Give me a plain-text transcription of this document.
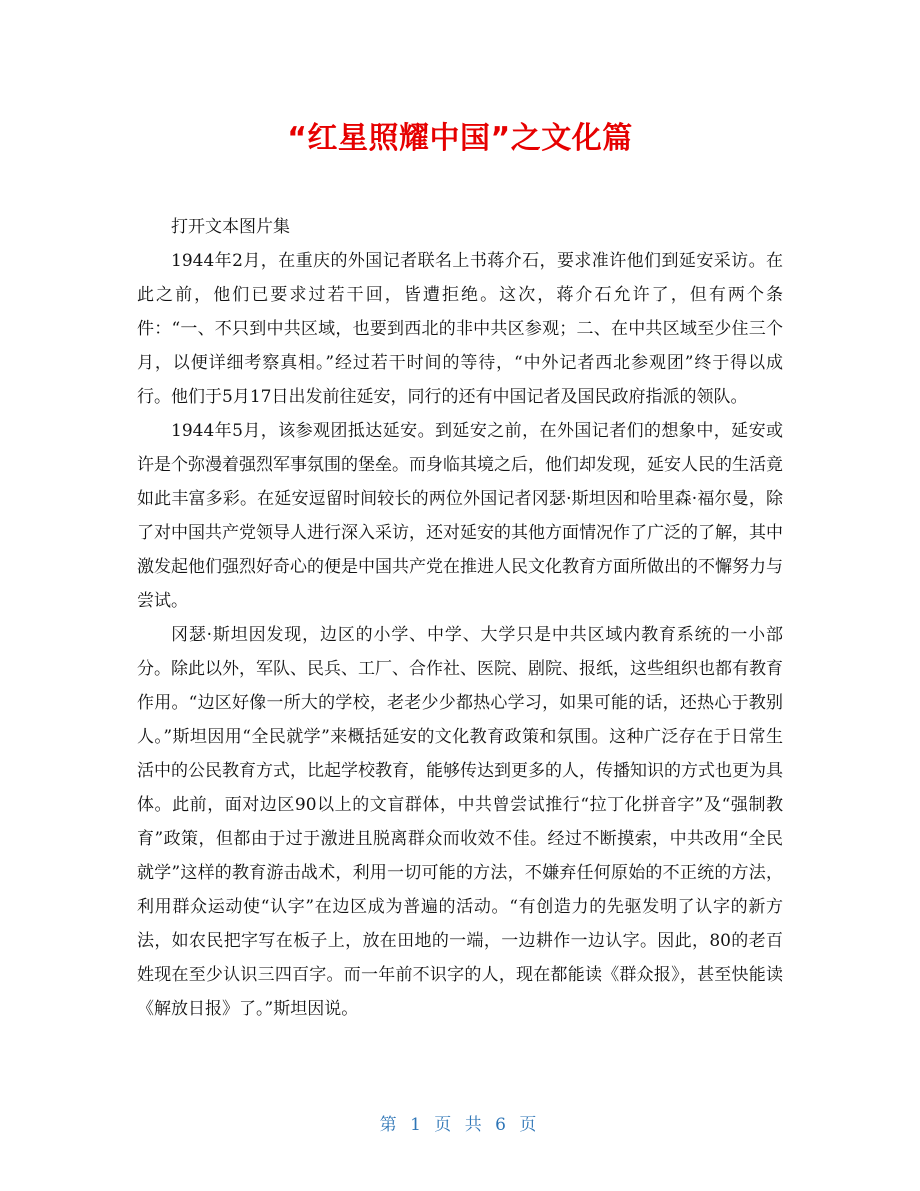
“红星照耀中国”之文化篇

打开文本图片集

1944年2月，在重庆的外国记者联名上书蒋介石，要求准许他们到延安采访。在此之前，他们已要求过若干回，皆遭拒绝。这次，蒋介石允许了，但有两个条件：“一、不只到中共区域，也要到西北的非中共区参观；二、在中共区域至少住三个月，以便详细考察真相。”经过若干时间的等待，“中外记者西北参观团”终于得以成行。他们于5月17日出发前往延安，同行的还有中国记者及国民政府指派的领队。

1944年5月，该参观团抵达延安。到延安之前，在外国记者们的想象中，延安或许是个弥漫着强烈军事氛围的堡垒。而身临其境之后，他们却发现，延安人民的生活竟如此丰富多彩。在延安逗留时间较长的两位外国记者冈瑟·斯坦因和哈里森·福尔曼，除了对中国共产党领导人进行深入采访，还对延安的其他方面情况作了广泛的了解，其中激发起他们强烈好奇心的便是中国共产党在推进人民文化教育方面所做出的不懈努力与尝试。

冈瑟·斯坦因发现，边区的小学、中学、大学只是中共区域内教育系统的一小部分。除此以外，军队、民兵、工厂、合作社、医院、剧院、报纸，这些组织也都有教育作用。“边区好像一所大的学校，老老少少都热心学习，如果可能的话，还热心于教别人。”斯坦因用“全民就学”来概括延安的文化教育政策和氛围。这种广泛存在于日常生活中的公民教育方式，比起学校教育，能够传达到更多的人，传播知识的方式也更为具体。此前，面对边区90以上的文盲群体，中共曾尝试推行“拉丁化拼音字”及“强制教育”政策，但都由于过于激进且脱离群众而收效不佳。经过不断摸索，中共改用“全民就学”这样的教育游击战术，利用一切可能的方法，不嫌弃任何原始的不正统的方法，利用群众运动使“认字”在边区成为普遍的活动。“有创造力的先驱发明了认字的新方法，如农民把字写在板子上，放在田地的一端，一边耕作一边认字。因此，80的老百姓现在至少认识三四百字。而一年前不识字的人，现在都能读《群众报》，甚至快能读《解放日报》了。”斯坦因说。

第 1 页 共 6 页
